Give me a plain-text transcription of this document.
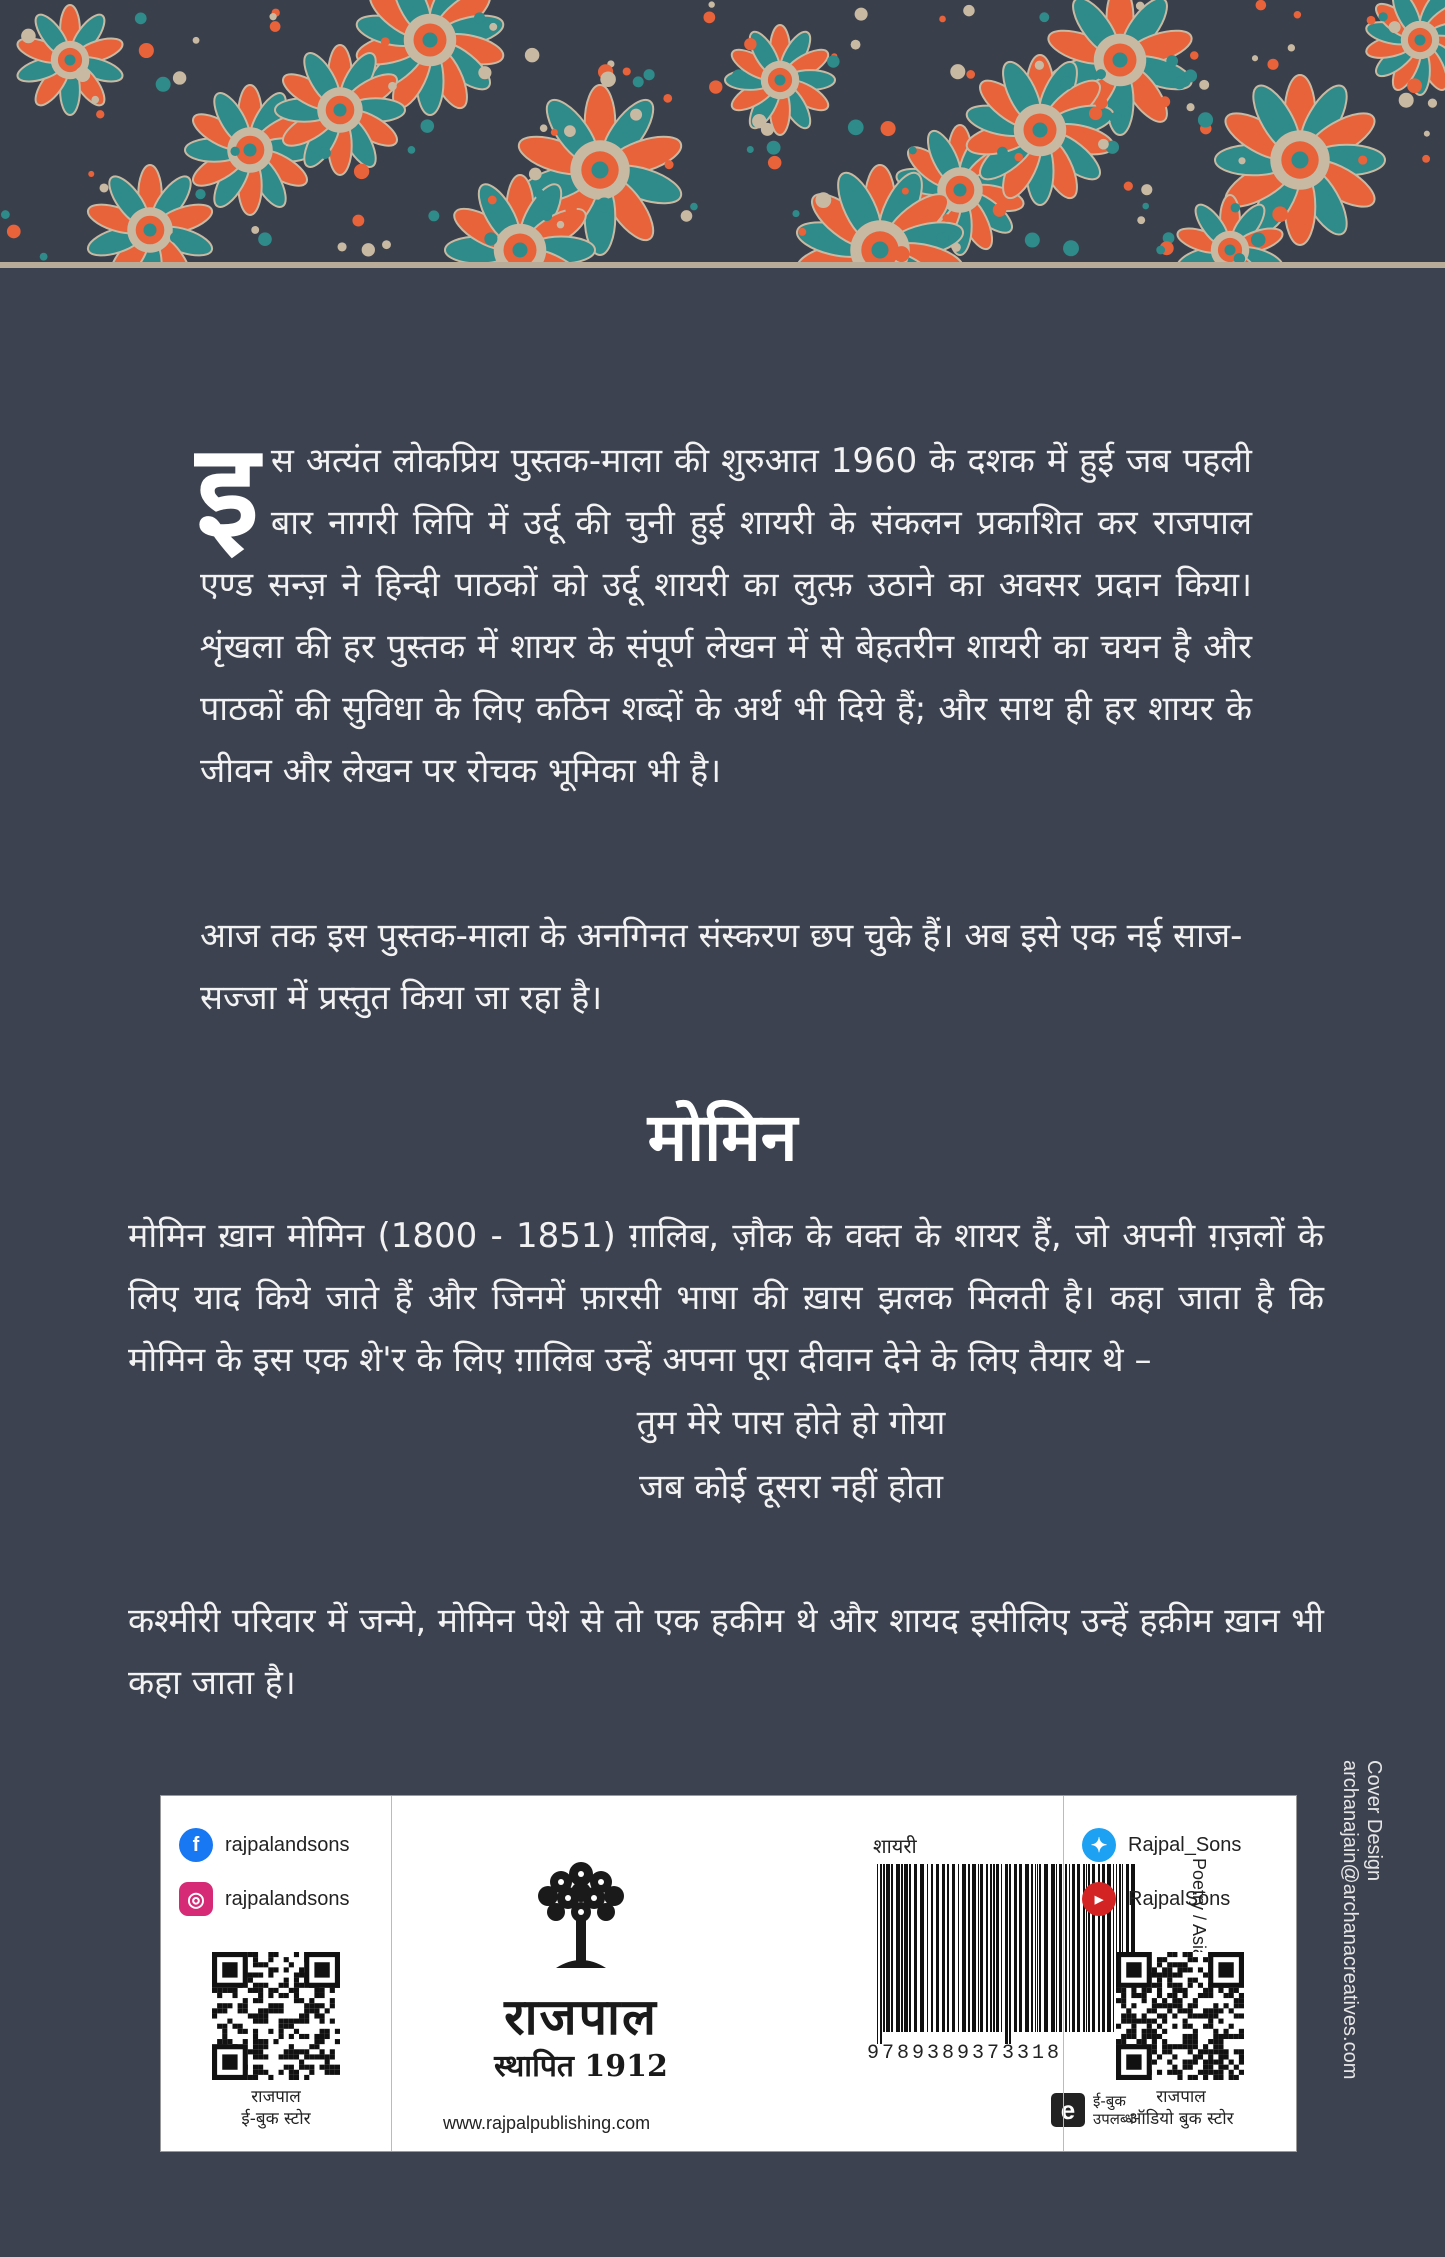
इ स अत्यंत लोकप्रिय पुस्तक-माला की शुरुआत 1960 के दशक में हुई जब पहली बार नागरी लिपि में उर्दू की चुनी हुई शायरी के संकलन प्रकाशित कर राजपाल एण्ड सन्ज़ ने हिन्दी पाठकों को उर्दू शायरी का लुत्फ़ उठाने का अवसर प्रदान किया। शृंखला की हर पुस्तक में शायर के संपूर्ण लेखन में से बेहतरीन शायरी का चयन है और पाठकों की सुविधा के लिए कठिन शब्दों के अर्थ भी दिये हैं; और साथ ही हर शायर के जीवन और लेखन पर रोचक भूमिका भी है।

आज तक इस पुस्तक-माला के अनगिनत संस्करण छप चुके हैं। अब इसे एक नई साज-सज्जा में प्रस्तुत किया जा रहा है।
मोमिन

मोमिन ख़ान मोमिन (1800 - 1851) ग़ालिब, ज़ौक के वक्त के शायर हैं, जो अपनी ग़ज़लों के लिए याद किये जाते हैं और जिनमें फ़ारसी भाषा की ख़ास झलक मिलती है। कहा जाता है कि मोमिन के इस एक शे'र के लिए ग़ालिब उन्हें अपना पूरा दीवान देने के लिए तैयार थे –

तुम मेरे पास होते हो गोया
जब कोई दूसरा नहीं होता
कश्मीरी परिवार में जन्मे, मोमिन पेशे से तो एक हकीम थे और शायद इसीलिए उन्हें हक़ीम ख़ान भी कहा जाता है।
Cover Design
archanajain@archanacreatives.com
f	rajpalandsons
◎	rajpalandsons
राजपाल
ई-बुक स्टोर
राजपाल
स्थापित 1912
www.rajpalpublishing.com
शायरी
9789389373318
e	ई-बुक
उपलब्ध
✦	Rajpal_Sons
▶	RajpalSons
राजपाल
ऑडियो बुक स्टोर
